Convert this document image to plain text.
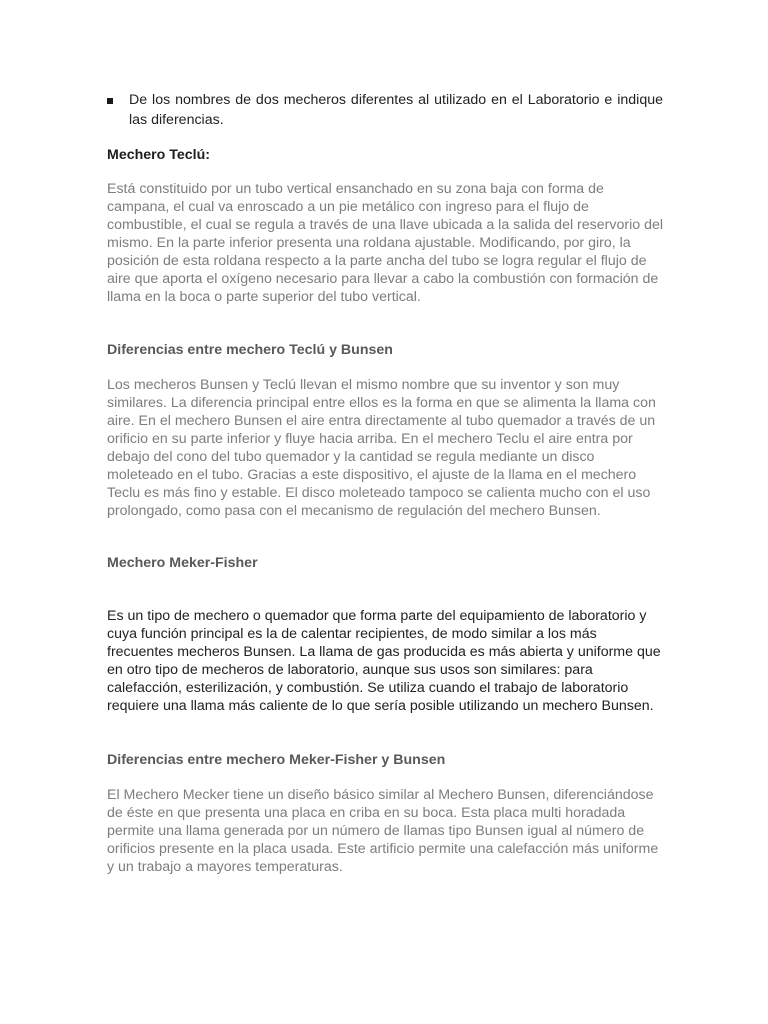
De los nombres de dos mecheros diferentes al utilizado en el Laboratorio e indique las diferencias.
Mechero Teclú:

Está constituido por un tubo vertical ensanchado en su zona baja con forma de campana, el cual va enroscado a un pie metálico con ingreso para el flujo de combustible, el cual se regula a través de una llave ubicada a la salida del reservorio del mismo. En la parte inferior presenta una roldana ajustable. Modificando, por giro, la posición de esta roldana respecto a la parte ancha del tubo se logra regular el flujo de aire que aporta el oxígeno necesario para llevar a cabo la combustión con formación de llama en la boca o parte superior del tubo vertical.

Diferencias entre mechero Teclú y Bunsen

Los mecheros Bunsen y Teclú llevan el mismo nombre que su inventor y son muy similares. La diferencia principal entre ellos es la forma en que se alimenta la llama con aire. En el mechero Bunsen el aire entra directamente al tubo quemador a través de un orificio en su parte inferior y fluye hacia arriba. En el mechero Teclu el aire entra por debajo del cono del tubo quemador y la cantidad se regula mediante un disco moleteado en el tubo. Gracias a este dispositivo, el ajuste de la llama en el mechero Teclu es más fino y estable. El disco moleteado tampoco se calienta mucho con el uso prolongado, como pasa con el mecanismo de regulación del mechero Bunsen.

Mechero Meker-Fisher

Es un tipo de mechero o quemador que forma parte del equipamiento de laboratorio y cuya función principal es la de calentar recipientes, de modo similar a los más frecuentes mecheros Bunsen. La llama de gas producida es más abierta y uniforme que en otro tipo de mecheros de laboratorio, aunque sus usos son similares: para calefacción, esterilización, y combustión. Se utiliza cuando el trabajo de laboratorio requiere una llama más caliente de lo que sería posible utilizando un mechero Bunsen.

Diferencias entre mechero Meker-Fisher y Bunsen

El Mechero Mecker tiene un diseño básico similar al Mechero Bunsen, diferenciándose de éste en que presenta una placa en criba en su boca. Esta placa multi horadada permite una llama generada por un número de llamas tipo Bunsen igual al número de orificios presente en la placa usada. Este artificio permite una calefacción más uniforme y un trabajo a mayores temperaturas.
